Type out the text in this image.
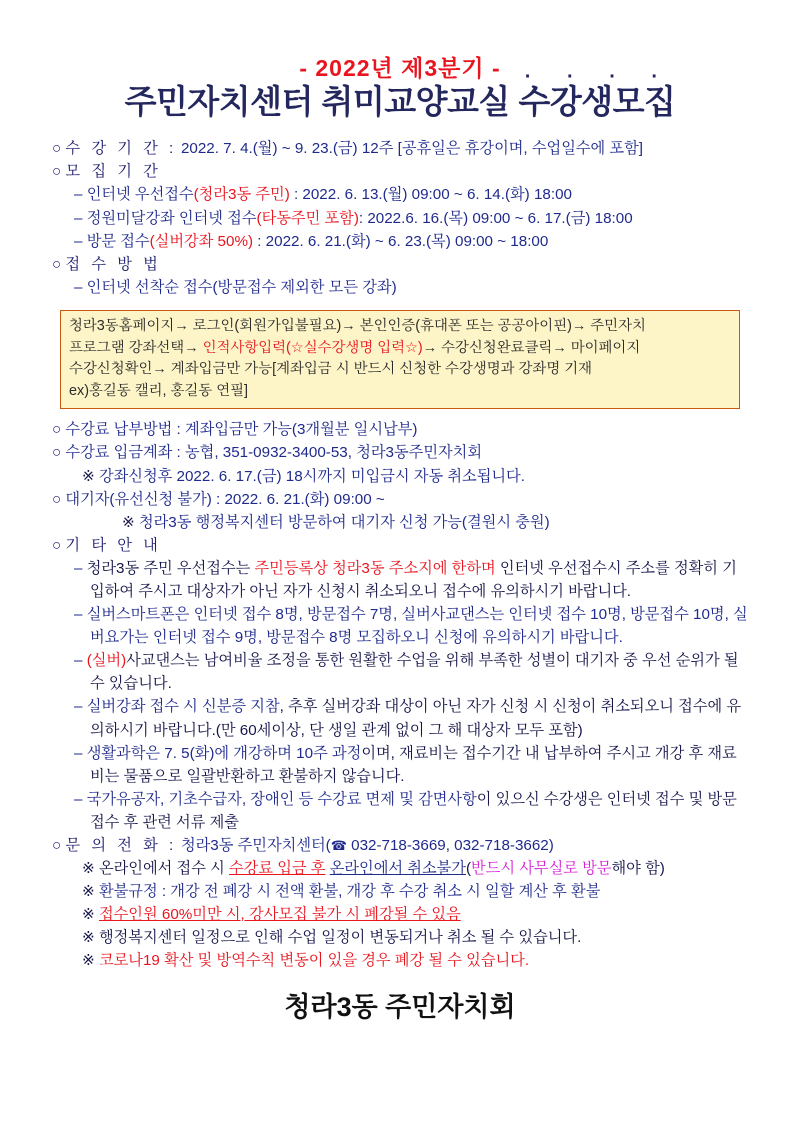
- 2022년 제3분기 -
주민자치센터 취미교양교실 수강생모집 · · · ·
○ 수 강 기 간 : 2022. 7. 4.(월) ~ 9. 23.(금) 12주 [공휴일은 휴강이며, 수업일수에 포함]
○ 모 집 기 간
– 인터넷 우선접수(청라3동 주민) : 2022. 6. 13.(월) 09:00 ~ 6. 14.(화) 18:00
– 정원미달강좌 인터넷 접수(타동주민 포함): 2022.6. 16.(목) 09:00 ~ 6. 17.(금) 18:00
– 방문 접수(실버강좌 50%) : 2022. 6. 21.(화) ~ 6. 23.(목) 09:00 ~ 18:00
○ 접 수 방 법
– 인터넷 선착순 접수(방문접수 제외한 모든 강좌)
청라3동홈페이지→ 로그인(회원가입불필요)→ 본인인증(휴대폰 또는 공공아이핀)→ 주민자치
프로그램 강좌선택→ 인적사항입력(☆실수강생명 입력☆)→ 수강신청완료클릭→ 마이페이지
수강신청확인→ 계좌입금만 가능[계좌입금 시 반드시 신청한 수강생명과 강좌명 기재
ex)홍길동 캘리, 홍길동 연필]
○ 수강료 납부방법 : 계좌입금만 가능(3개월분 일시납부)
○ 수강료 입금계좌 : 농협, 351-0932-3400-53, 청라3동주민자치회
※ 강좌신청후 2022. 6. 17.(금) 18시까지 미입금시 자동 취소됩니다.
○ 대기자(유선신청 불가) : 2022. 6. 21.(화) 09:00 ~
※ 청라3동 행정복지센터 방문하여 대기자 신청 가능(결원시 충원)
○ 기 타 안 내
– 청라3동 주민 우선접수는 주민등록상 청라3동 주소지에 한하며 인터넷 우선접수시 주소를 정확히 기입하여 주시고 대상자가 아닌 자가 신청시 취소되오니 접수에 유의하시기 바랍니다.
– 실버스마트폰은 인터넷 접수 8명, 방문접수 7명, 실버사교댄스는 인터넷 접수 10명, 방문접수 10명, 실버요가는 인터넷 접수 9명, 방문접수 8명 모집하오니 신청에 유의하시기 바랍니다.
– (실버)사교댄스는 남여비율 조정을 통한 원활한 수업을 위해 부족한 성별이 대기자 중 우선 순위가 될 수 있습니다.
– 실버강좌 접수 시 신분증 지참, 추후 실버강좌 대상이 아닌 자가 신청 시 신청이 취소되오니 접수에 유의하시기 바랍니다.(만 60세이상, 단 생일 관계 없이 그 해 대상자 모두 포함)
– 생활과학은 7. 5(화)에 개강하며 10주 과정이며, 재료비는 접수기간 내 납부하여 주시고 개강 후 재료비는 물품으로 일괄반환하고 환불하지 않습니다.
– 국가유공자, 기초수급자, 장애인 등 수강료 면제 및 감면사항이 있으신 수강생은 인터넷 접수 및 방문 접수 후 관련 서류 제출
○ 문 의 전 화 : 청라3동 주민자치센터(☎ 032-718-3669, 032-718-3662)
※ 온라인에서 접수 시 수강료 입금 후 온라인에서 취소불가(반드시 사무실로 방문해야 함)
※ 환불규정 : 개강 전 폐강 시 전액 환불, 개강 후 수강 취소 시 일할 계산 후 환불
※ 접수인원 60%미만 시, 강사모집 불가 시 폐강될 수 있음
※ 행정복지센터 일정으로 인해 수업 일정이 변동되거나 취소 될 수 있습니다.
※ 코로나19 확산 및 방역수칙 변동이 있을 경우 폐강 될 수 있습니다.
청라3동 주민자치회
